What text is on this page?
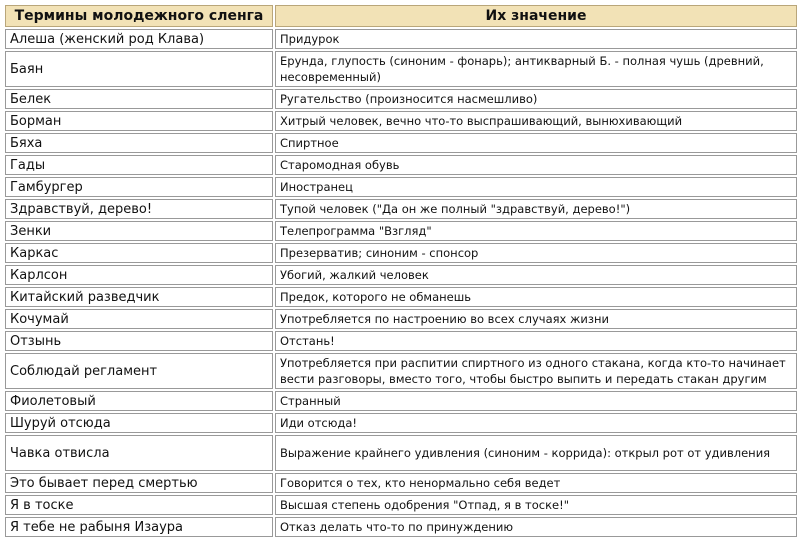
Термины молодежного сленга	Их значение
Алеша (женский род Клава)	Придурок
Баян	Ерунда, глупость (синоним - фонарь); антикварный Б. - полная чушь (древний, несовременный)
Белек	Ругательство (произносится насмешливо)
Борман	Хитрый человек, вечно что-то выспрашивающий, вынюхивающий
Бяха	Спиртное
Гады	Старомодная обувь
Гамбургер	Иностранец
Здравствуй, дерево!	Тупой человек ("Да он же полный "здравствуй, дерево!")
Зенки	Телепрограмма "Взгляд"
Каркас	Презерватив; синоним - спонсор
Карлсон	Убогий, жалкий человек
Китайский разведчик	Предок, которого не обманешь
Кочумай	Употребляется по настроению во всех случаях жизни
Отзынь	Отстань!
Соблюдай регламент	Употребляется при распитии спиртного из одного стакана, когда кто-то начинает вести разговоры, вместо того, чтобы быстро выпить и передать стакан другим
Фиолетовый	Странный
Шуруй отсюда	Иди отсюда!
Чавка отвисла	Выражение крайнего удивления (синоним - коррида): открыл рот от удивления
Это бывает перед смертью	Говорится о тех, кто ненормально себя ведет
Я в тоске	Высшая степень одобрения "Отпад, я в тоске!"
Я тебе не рабыня Изаура	Отказ делать что-то по принуждению
